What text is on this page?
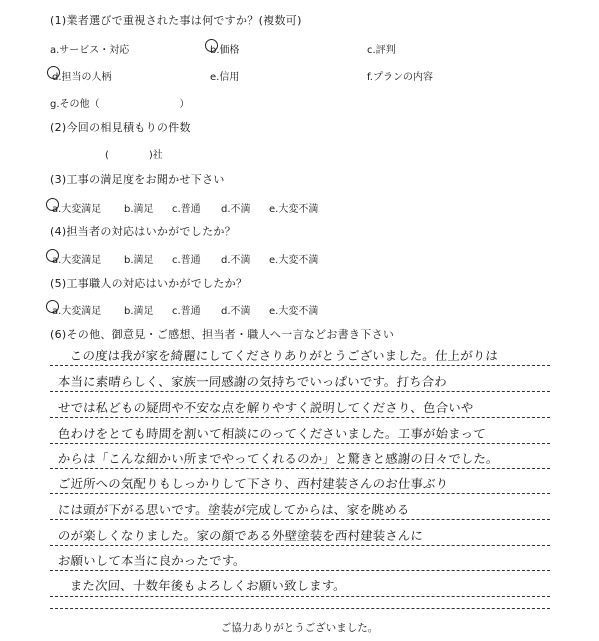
(1)業者選びで重視された事は何ですか？(複数可)
a.サービス・対応	b.価格	c.評判
d.担当の人柄	e.信用	f.プランの内容
g.その他（　　　　　　　　）
(2)今回の相見積もりの件数
(　　　　)社
(3)工事の満足度をお聞かせ下さい
a.大変満足 b.満足 c.普通 d.不満 e.大変不満
(4)担当者の対応はいかがでしたか？
a.大変満足 b.満足 c.普通 d.不満 e.大変不満
(5)工事職人の対応はいかがでしたか？
a.大変満足 b.満足 c.普通 d.不満 e.大変不満
(6)その他、御意見・ご感想、担当者・職人へ一言などお書き下さい
この度は我が家を綺麗にしてくださりありがとうございました。仕上がりは
本当に素晴らしく、家族一同感謝の気持ちでいっぱいです。打ち合わ
せでは私どもの疑問や不安な点を解りやすく説明してくださり、色合いや
色わけをとても時間を割いて相談にのってくださいました。工事が始まって
からは「こんな細かい所までやってくれるのか」と驚きと感謝の日々でした。
ご近所への気配りもしっかりして下さり、西村建装さんのお仕事ぶり
には頭が下がる思いです。塗装が完成してからは、家を眺める
のが楽しくなりました。家の顔である外壁塗装を西村建装さんに
お願いして本当に良かったです。
また次回、十数年後もよろしくお願い致します。
ご協力ありがとうございました。
